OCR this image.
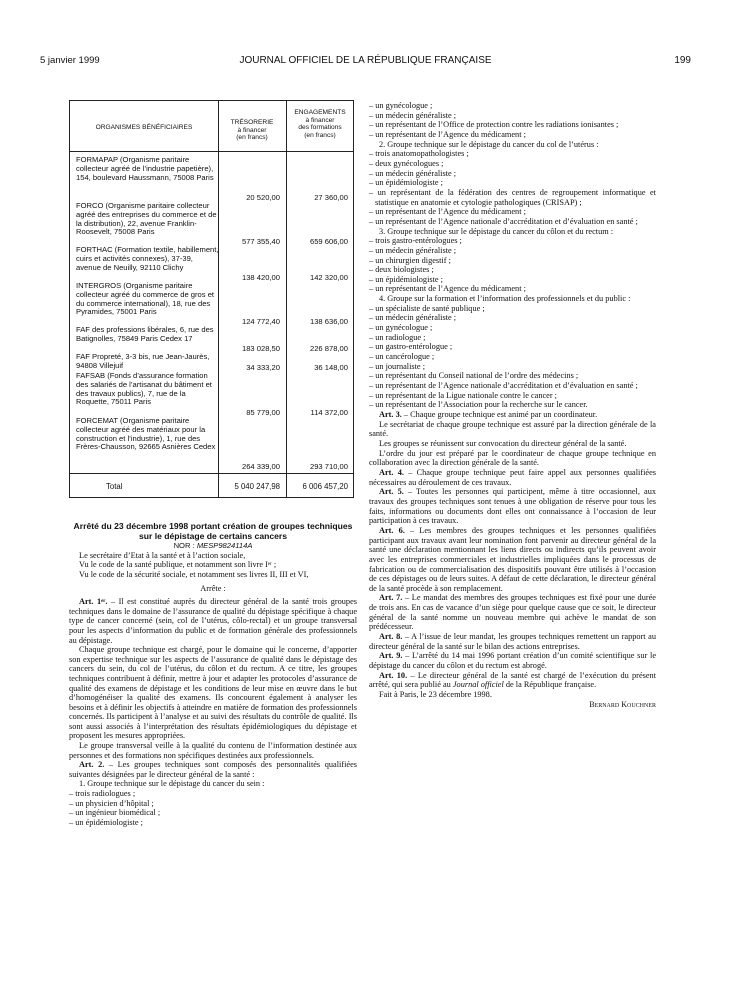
5 janvier 1999	JOURNAL OFFICIEL DE LA RÉPUBLIQUE FRANÇAISE	199
ORGANISMES BÉNÉFICIAIRES
TRÉSORERIE
à financer
(en francs)
ENGAGEMENTS
à financer
des formations
(en francs)
FORMAPAP (Organisme paritaire collecteur agréé de l’industrie papetière), 154, boulevard Haussmann, 75008 Paris
20 520,00	27 360,00
FORCO (Organisme paritaire collecteur agréé des entreprises du commerce et de la distribution), 22, avenue Franklin-Roosevelt, 75008 Paris
577 355,40	659 606,00
FORTHAC (Formation textile, habillement, cuirs et activités connexes), 37-39, avenue de Neuilly, 92110 Clichy
138 420,00	142 320,00
INTERGROS (Organisme paritaire collecteur agréé du commerce de gros et du commerce international), 18, rue des Pyramides, 75001 Paris
124 772,40	138 636,00
FAF des professions libérales, 6, rue des Batignolles, 75849 Paris Cedex 17
183 028,50	226 878,00
FAF Propreté, 3-3 bis, rue Jean-Jaurès, 94808 Villejuif	34 333,20	36 148,00
FAFSAB (Fonds d’assurance formation des salariés de l’artisanat du bâtiment et des travaux publics), 7, rue de la Roquette, 75011 Paris
85 779,00	114 372,00
FORCEMAT (Organisme paritaire collecteur agréé des matériaux pour la construction et l’industrie), 1, rue des Frères-Chausson, 92665 Asnières Cedex
264 339,00	293 710,00
Total	5 040 247,98	6 006 457,20

Arrêté du 23 décembre 1998 portant création de groupes techniques sur le dépistage de certains cancers

NOR : MESP9824114A

Le secrétaire d’Etat à la santé et à l’action sociale,

Vu le code de la santé publique, et notamment son livre Iᵉʳ ;

Vu le code de la sécurité sociale, et notamment ses livres II, III et VI,

Arrête :

Art. 1ᵉʳ. – Il est constitué auprès du directeur général de la santé trois groupes techniques dans le domaine de l’assurance de qualité du dépistage spécifique à chaque type de cancer concerné (sein, col de l’utérus, côlo-rectal) et un groupe transversal pour les aspects d’information du public et de formation générale des professionnels au dépistage.

Chaque groupe technique est chargé, pour le domaine qui le concerne, d’apporter son expertise technique sur les aspects de l’assurance de qualité dans le dépistage des cancers du sein, du col de l’utérus, du côlon et du rectum. A ce titre, les groupes techniques contribuent à définir, mettre à jour et adapter les protocoles d’assurance de qualité des examens de dépistage et les conditions de leur mise en œuvre dans le but d’homogénéiser la qualité des examens. Ils concourent également à analyser les besoins et à définir les objectifs à atteindre en matière de formation des professionnels concernés. Ils participent à l’analyse et au suivi des résultats du contrôle de qualité. Ils sont aussi associés à l’interprétation des résultats épidémiologiques du dépistage et proposent les mesures appropriées.

Le groupe transversal veille à la qualité du contenu de l’information destinée aux personnes et des formations non spécifiques destinées aux professionnels.

Art. 2. – Les groupes techniques sont composés des personnalités qualifiées suivantes désignées par le directeur général de la santé :

1. Groupe technique sur le dépistage du cancer du sein :

– trois radiologues ;

– un physicien d’hôpital ;

– un ingénieur biomédical ;

– un épidémiologiste ;

– un gynécologue ;

– un médecin généraliste ;

– un représentant de l’Office de protection contre les radiations ionisantes ;

– un représentant de l’Agence du médicament ;

2. Groupe technique sur le dépistage du cancer du col de l’utérus :

– trois anatomopathologistes ;

– deux gynécologues ;

– un médecin généraliste ;

– un épidémiologiste ;

– un représentant de la fédération des centres de regroupement informatique et statistique en anatomie et cytologie pathologiques (CRISAP) ;

– un représentant de l’Agence du médicament ;

– un représentant de l’Agence nationale d’accréditation et d’évaluation en santé ;

3. Groupe technique sur le dépistage du cancer du côlon et du rectum :

– trois gastro-entérologues ;

– un médecin généraliste ;

– un chirurgien digestif ;

– deux biologistes ;

– un épidémiologiste ;

– un représentant de l’Agence du médicament ;

4. Groupe sur la formation et l’information des professionnels et du public :

– un spécialiste de santé publique ;

– un médecin généraliste ;

– un gynécologue ;

– un radiologue ;

– un gastro-entérologue ;

– un cancérologue ;

– un journaliste ;

– un représentant du Conseil national de l’ordre des médecins ;

– un représentant de l’Agence nationale d’accréditation et d’évaluation en santé ;

– un représentant de la Ligue nationale contre le cancer ;

– un représentant de l’Association pour la recherche sur le cancer.

Art. 3. – Chaque groupe technique est animé par un coordinateur.

Le secrétariat de chaque groupe technique est assuré par la direction générale de la santé.

Les groupes se réunissent sur convocation du directeur général de la santé.

L’ordre du jour est préparé par le coordinateur de chaque groupe technique en collaboration avec la direction générale de la santé.

Art. 4. – Chaque groupe technique peut faire appel aux personnes qualifiées nécessaires au déroulement de ces travaux.

Art. 5. – Toutes les personnes qui participent, même à titre occasionnel, aux travaux des groupes techniques sont tenues à une obligation de réserve pour tous les faits, informations ou documents dont elles ont connaissance à l’occasion de leur participation à ces travaux.

Art. 6. – Les membres des groupes techniques et les personnes qualifiées participant aux travaux avant leur nomination font parvenir au directeur général de la santé une déclaration mentionnant les liens directs ou indirects qu’ils peuvent avoir avec les entreprises commerciales et industrielles impliquées dans le processus de fabrication ou de commercialisation des dispositifs pouvant être utilisés à l’occasion de ces dépistages ou de leurs suites. A défaut de cette déclaration, le directeur général de la santé procède à son remplacement.

Art. 7. – Le mandat des membres des groupes techniques est fixé pour une durée de trois ans. En cas de vacance d’un siège pour quelque cause que ce soit, le directeur général de la santé nomme un nouveau membre qui achève le mandat de son prédécesseur.

Art. 8. – A l’issue de leur mandat, les groupes techniques remettent un rapport au directeur général de la santé sur le bilan des actions entreprises.

Art. 9. – L’arrêté du 14 mai 1996 portant création d’un comité scientifique sur le dépistage du cancer du côlon et du rectum est abrogé.

Art. 10. – Le directeur général de la santé est chargé de l’exécution du présent arrêté, qui sera publié au Journal officiel de la République française.

Fait à Paris, le 23 décembre 1998.

Bernard Kouchner
